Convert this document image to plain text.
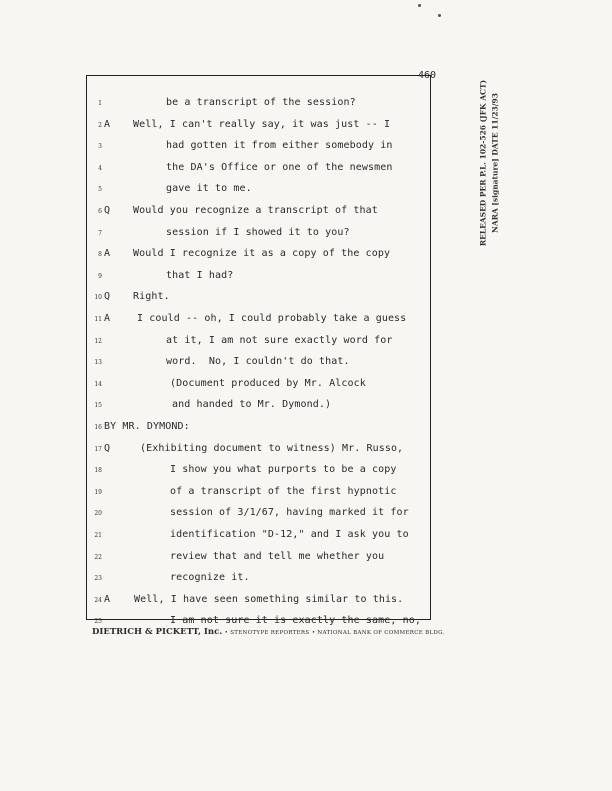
460
1	be a transcript of the session?
2 A Well, I can't really say, it was just -- I
3	had gotten it from either somebody in
4	the DA's Office or one of the newsmen
5	gave it to me.
6 Q Would you recognize a transcript of that
7	session if I showed it to you?
8 A Would I recognize it as a copy of the copy
9	that I had?
10 Q Right.
11 A	I could -- oh, I could probably take a guess
12	at it, I am not sure exactly word for
13	word.  No, I couldn't do that.
14	(Document produced by Mr. Alcock
15	and handed to Mr. Dymond.)
16 BY MR. DYMOND:
17 Q	(Exhibiting document to witness) Mr. Russo,
18	I show you what purports to be a copy
19	of a transcript of the first hypnotic
20	session of 3/1/67, having marked it for
21	identification "D-12," and I ask you to
22	review that and tell me whether you
23	recognize it.
24 A Well, I have seen something similar to this.
25	I am not sure it is exactly the same, no,
DIETRICH & PICKETT, Inc. • STENOTYPE REPORTERS • NATIONAL BANK OF COMMERCE BLDG.
RELEASED PER P.L. 102-526 (JFK ACT) NARA [signature] DATE 11/23/93
